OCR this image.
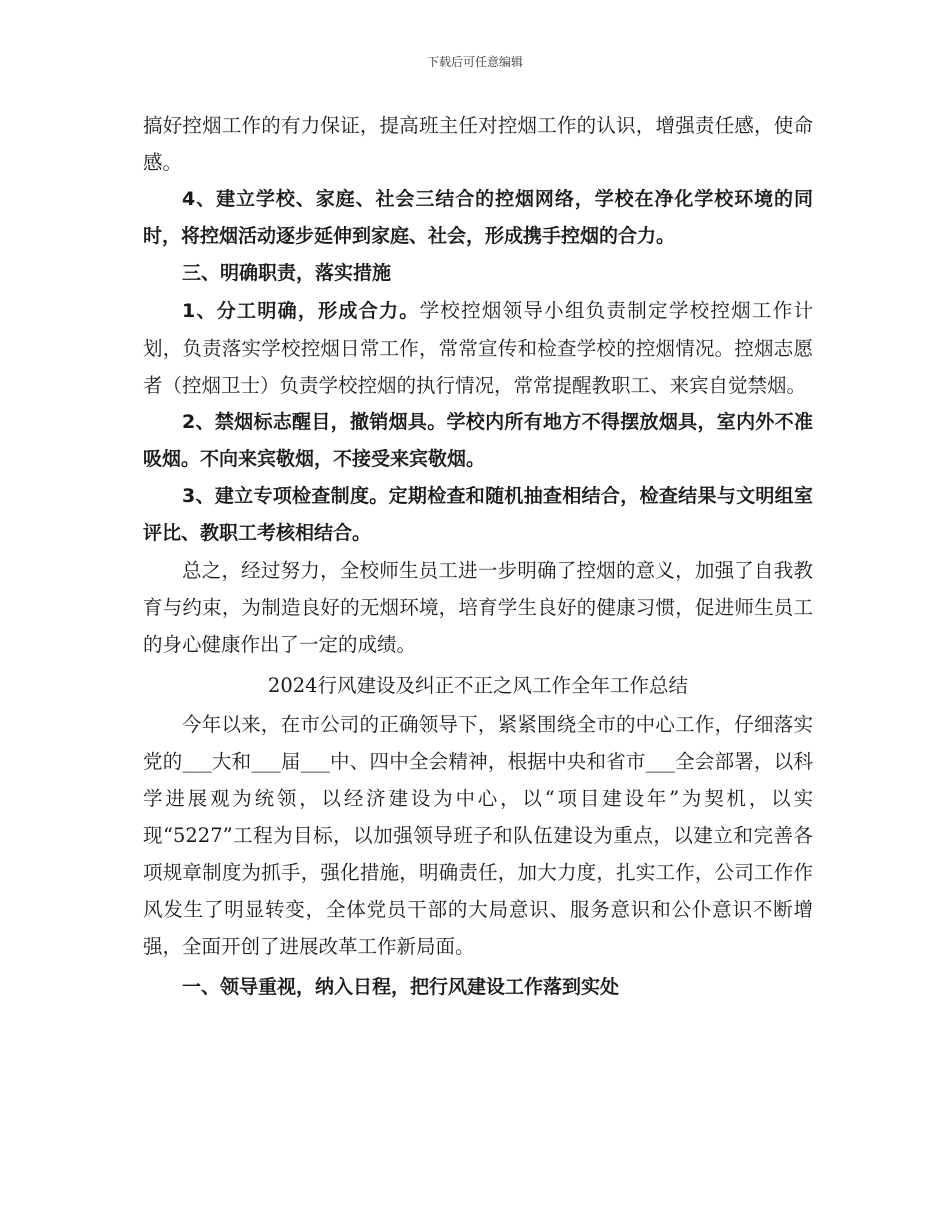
下载后可任意编辑

搞好控烟工作的有力保证，提高班主任对控烟工作的认识，增强责任感，使命感。

4、建立学校、家庭、社会三结合的控烟网络，学校在净化学校环境的同时，将控烟活动逐步延伸到家庭、社会，形成携手控烟的合力。

三、明确职责，落实措施

1、分工明确，形成合力。学校控烟领导小组负责制定学校控烟工作计划，负责落实学校控烟日常工作，常常宣传和检查学校的控烟情况。控烟志愿者（控烟卫士）负责学校控烟的执行情况，常常提醒教职工、来宾自觉禁烟。

2、禁烟标志醒目，撤销烟具。学校内所有地方不得摆放烟具，室内外不准吸烟。不向来宾敬烟，不接受来宾敬烟。

3、建立专项检查制度。定期检查和随机抽查相结合，检查结果与文明组室评比、教职工考核相结合。

总之，经过努力，全校师生员工进一步明确了控烟的意义，加强了自我教育与约束，为制造良好的无烟环境，培育学生良好的健康习惯，促进师生员工的身心健康作出了一定的成绩。

2024行风建设及纠正不正之风工作全年工作总结

今年以来，在市公司的正确领导下，紧紧围绕全市的中心工作，仔细落实党的___大和___届___中、四中全会精神，根据中央和省市___全会部署，以科学进展观为统领，以经济建设为中心，以“项目建设年”为契机，以实现“5227”工程为目标，以加强领导班子和队伍建设为重点，以建立和完善各项规章制度为抓手，强化措施，明确责任，加大力度，扎实工作，公司工作作风发生了明显转变，全体党员干部的大局意识、服务意识和公仆意识不断增强，全面开创了进展改革工作新局面。

一、领导重视，纳入日程，把行风建设工作落到实处
